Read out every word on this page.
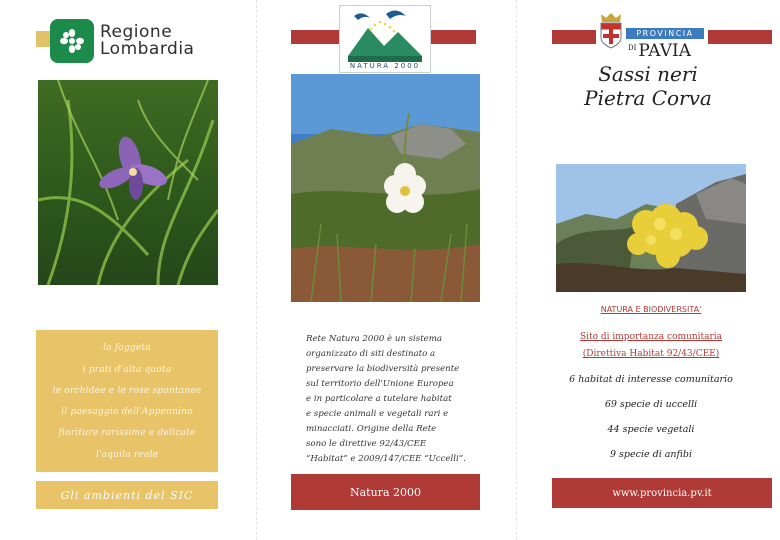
Regione
Lombardia
la faggeta
i prati d'alta quota
le orchidee e le rose spontanee
il paesaggio dell'Appennino
fioriture rarissime e delicate
l'aquila reale
Gli ambienti del SIC
NATURA 2000
Rete Natura 2000 è un sistema
organizzato di siti destinato a
preservare la biodiversità presente
sul territorio dell'Unione Europea
e in particolare a tutelare habitat
e specie animali e vegetali rari e
minacciati. Origine della Rete
sono le direttive 92/43/CEE
“Habitat” e 2009/147/CEE “Uccelli”.
Natura 2000
PROVINCIA
$^{DI}$ PAVIA
Sassi neri
Pietra Corva
NATURA E BIODIVERSITA'
Sito di importanza comunitaria
(Direttiva Habitat 92/43/CEE)
6 habitat di interesse comunitario
69 specie di uccelli
44 specie vegetali
9 specie di anfibi
www.provincia.pv.it
